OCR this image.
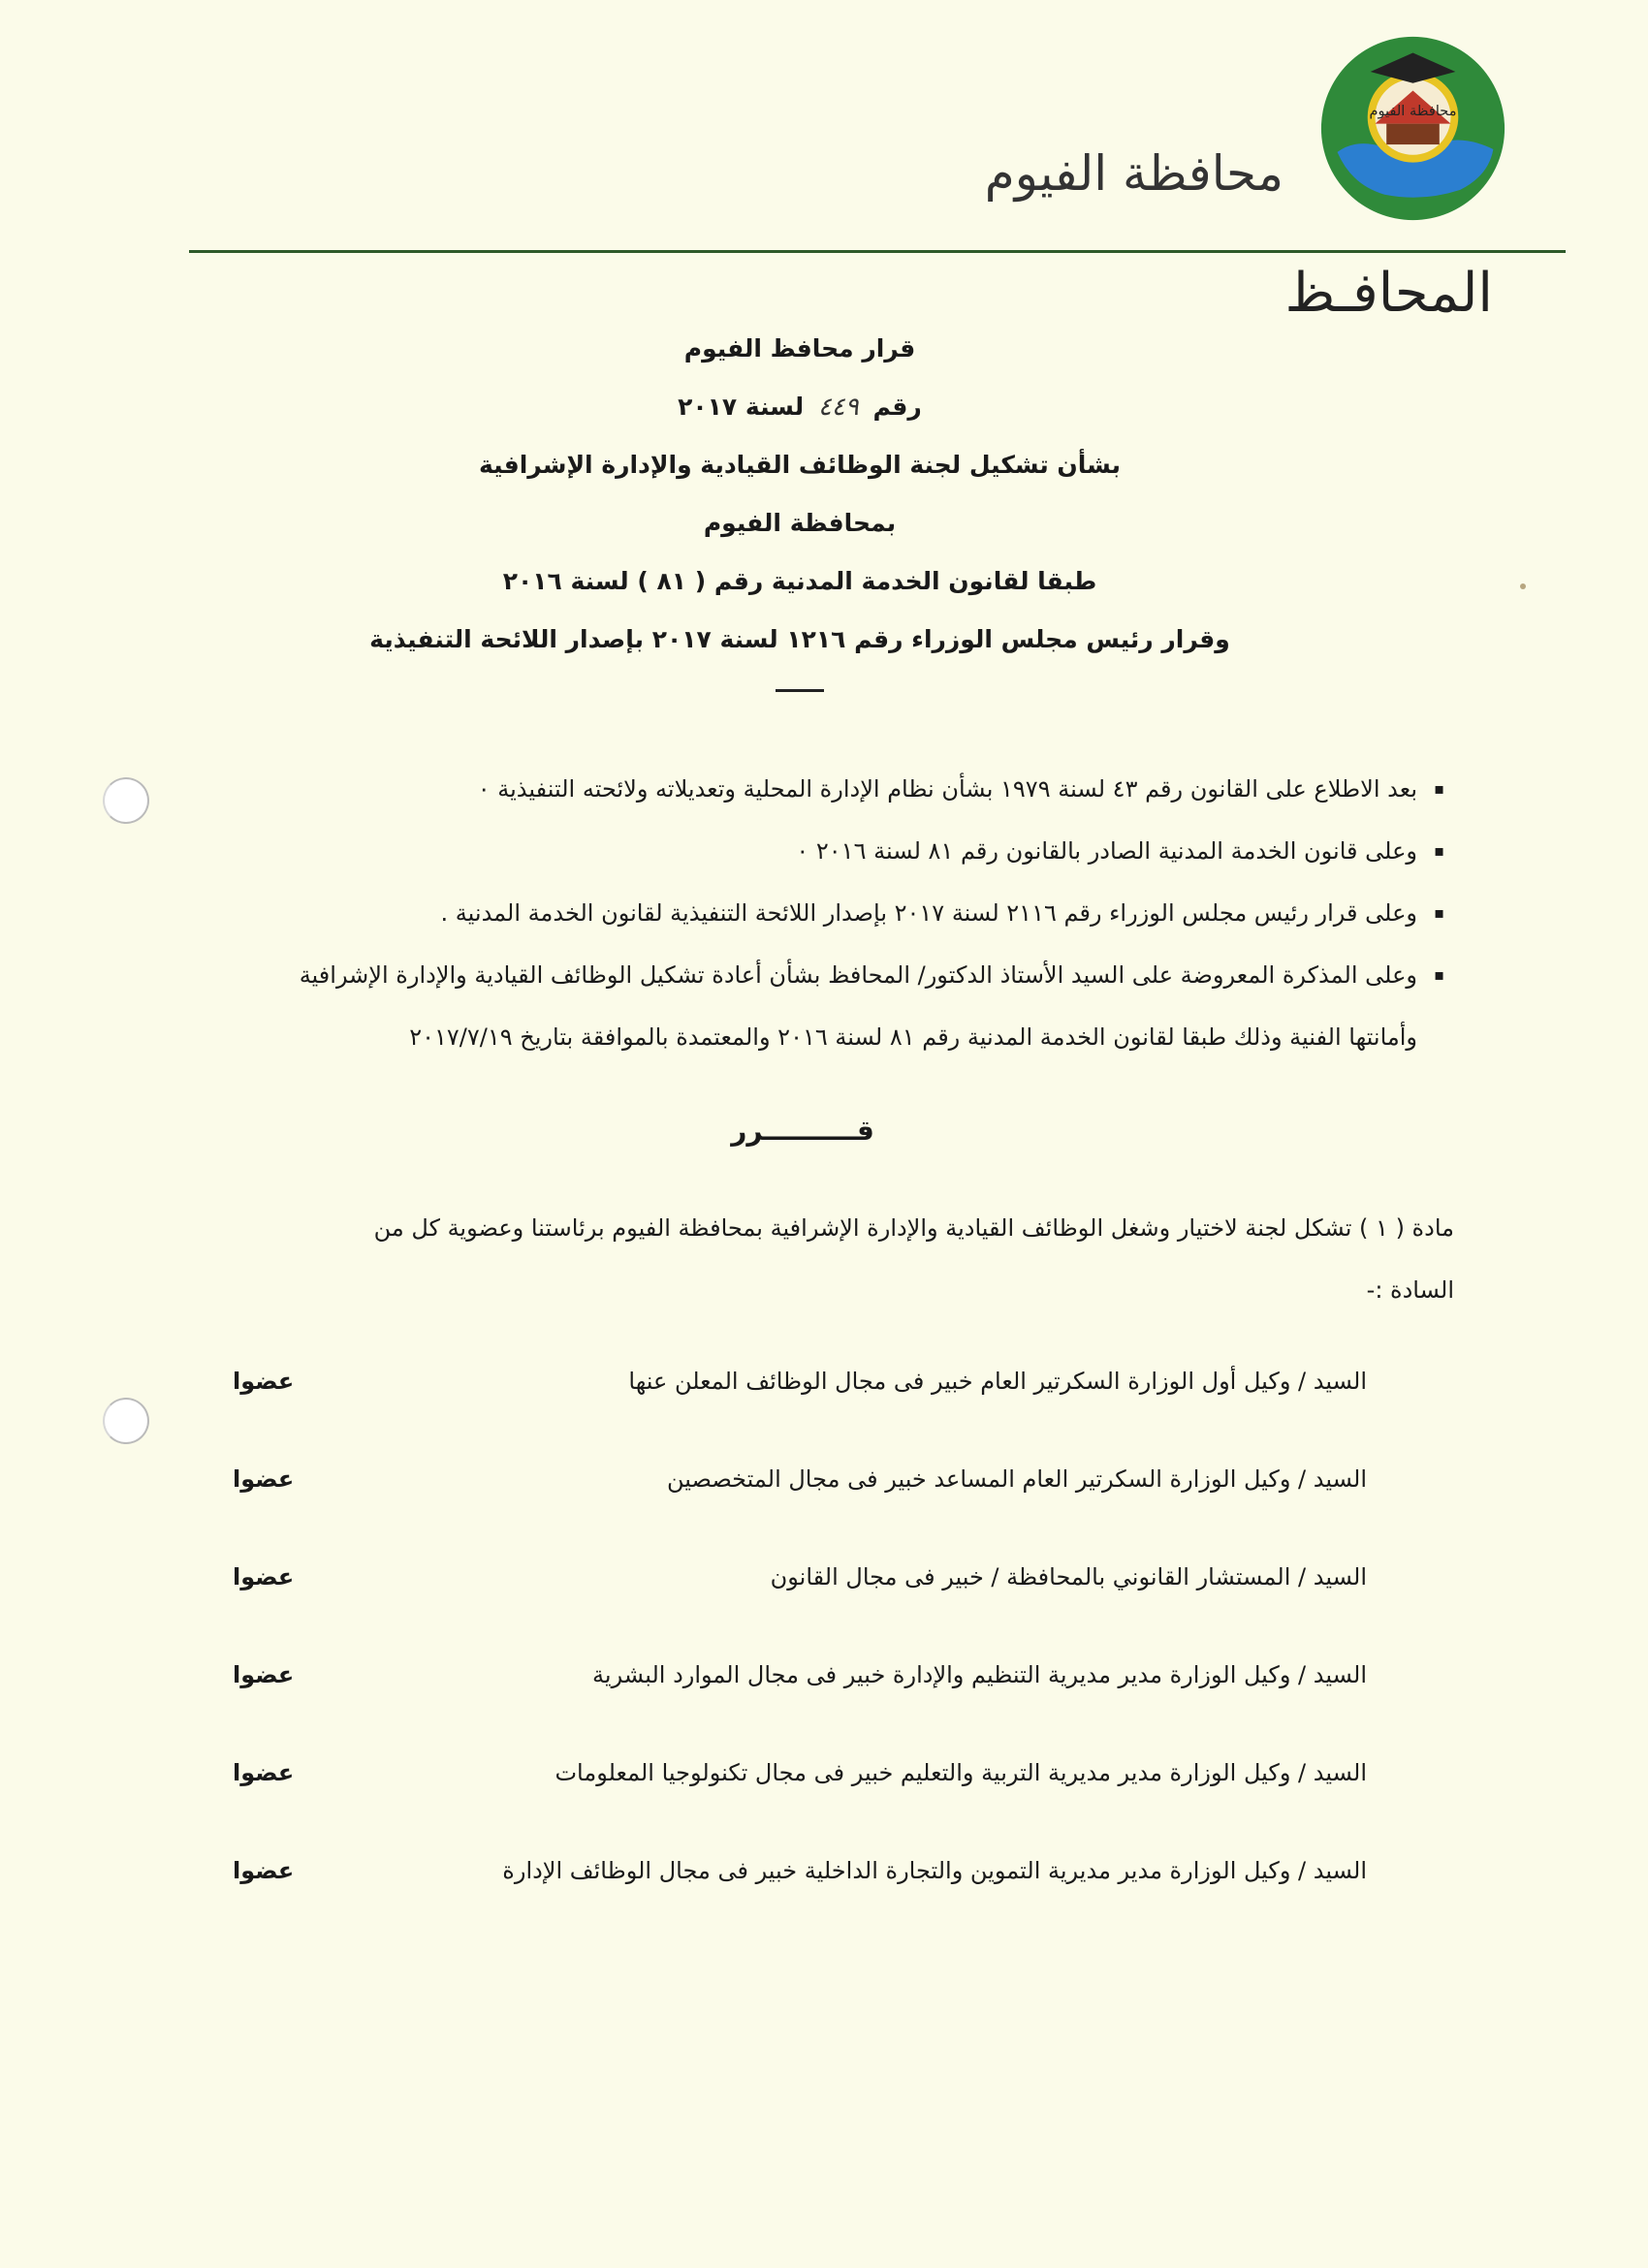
محافظة الفيوم
محافظة الفيوم
المحافـظ
قرار محافظ الفيوم
رقم ٤٤٩ لسنة ٢٠١٧
بشأن تشكيل لجنة الوظائف القيادية والإدارة الإشرافية
بمحافظة الفيوم
طبقا لقانون الخدمة المدنية رقم ( ٨١ ) لسنة ٢٠١٦
وقرار رئيس مجلس الوزراء رقم ١٢١٦ لسنة ٢٠١٧ بإصدار اللائحة التنفيذية
▪
بعد الاطلاع على القانون رقم ٤٣ لسنة ١٩٧٩ بشأن نظام الإدارة المحلية وتعديلاته ولائحته التنفيذية ٠
▪
وعلى قانون الخدمة المدنية الصادر بالقانون رقم ٨١ لسنة ٢٠١٦ ٠
▪
وعلى قرار رئيس مجلس الوزراء رقم ٢١١٦ لسنة ٢٠١٧ بإصدار اللائحة التنفيذية لقانون الخدمة المدنية .
▪
وعلى المذكرة المعروضة على السيد الأستاذ الدكتور/ المحافظ بشأن أعادة تشكيل الوظائف القيادية والإدارة الإشرافية
وأمانتها الفنية وذلك طبقا لقانون الخدمة المدنية رقم ٨١ لسنة ٢٠١٦ والمعتمدة بالموافقة بتاريخ ٢٠١٧/٧/١٩
قــــــــــرر
مادة ( ١ ) تشكل لجنة لاختيار وشغل الوظائف القيادية والإدارة الإشرافية بمحافظة الفيوم برئاستنا وعضوية كل من
السادة :-
السيد / وكيل أول الوزارة السكرتير العام خبير فى مجال الوظائف المعلن عنها
عضوا
السيد / وكيل الوزارة السكرتير العام المساعد خبير فى مجال المتخصصين
عضوا
السيد / المستشار القانوني بالمحافظة / خبير فى مجال القانون
عضوا
السيد / وكيل الوزارة مدير مديرية التنظيم والإدارة خبير فى مجال الموارد البشرية
عضوا
السيد / وكيل الوزارة مدير مديرية التربية والتعليم خبير فى مجال تكنولوجيا المعلومات
عضوا
السيد / وكيل الوزارة مدير مديرية التموين والتجارة الداخلية خبير فى مجال الوظائف الإدارة
عضوا
